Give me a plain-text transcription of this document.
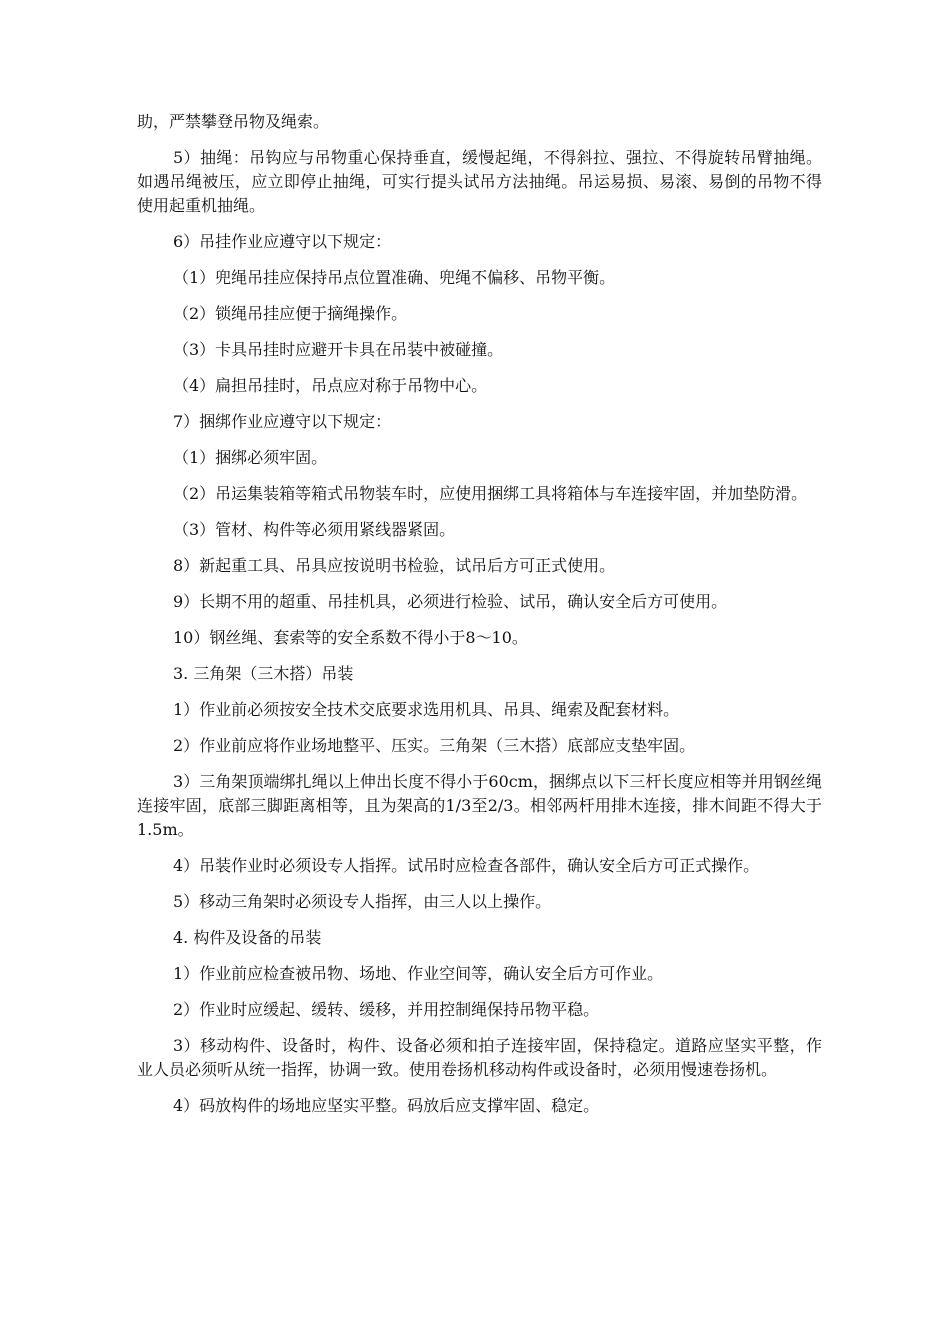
助，严禁攀登吊物及绳索。

5）抽绳：吊钩应与吊物重心保持垂直，缓慢起绳，不得斜拉、强拉、不得旋转吊臂抽绳。如遇吊绳被压，应立即停止抽绳，可实行提头试吊方法抽绳。吊运易损、易滚、易倒的吊物不得使用起重机抽绳。

6）吊挂作业应遵守以下规定：

（1）兜绳吊挂应保持吊点位置准确、兜绳不偏移、吊物平衡。

（2）锁绳吊挂应便于摘绳操作。

（3）卡具吊挂时应避开卡具在吊装中被碰撞。

（4）扁担吊挂时，吊点应对称于吊物中心。

7）捆绑作业应遵守以下规定：

（1）捆绑必须牢固。

（2）吊运集装箱等箱式吊物装车时，应使用捆绑工具将箱体与车连接牢固，并加垫防滑。

（3）管材、构件等必须用紧线器紧固。

8）新起重工具、吊具应按说明书检验，试吊后方可正式使用。

9）长期不用的超重、吊挂机具，必须进行检验、试吊，确认安全后方可使用。

10）钢丝绳、套索等的安全系数不得小于8〜10。

3. 三角架（三木搭）吊装

1）作业前必须按安全技术交底要求选用机具、吊具、绳索及配套材料。

2）作业前应将作业场地整平、压实。三角架（三木搭）底部应支垫牢固。

3）三角架顶端绑扎绳以上伸出长度不得小于60cm，捆绑点以下三杆长度应相等并用钢丝绳连接牢固，底部三脚距离相等，且为架高的1/3至2/3。相邻两杆用排木连接，排木间距不得大于1.5m。

4）吊装作业时必须设专人指挥。试吊时应检查各部件，确认安全后方可正式操作。

5）移动三角架时必须设专人指挥，由三人以上操作。

4. 构件及设备的吊装

1）作业前应检查被吊物、场地、作业空间等，确认安全后方可作业。

2）作业时应缓起、缓转、缓移，并用控制绳保持吊物平稳。

3）移动构件、设备时，构件、设备必须和拍子连接牢固，保持稳定。道路应坚实平整，作业人员必须听从统一指挥，协调一致。使用卷扬机移动构件或设备时，必须用慢速卷扬机。

4）码放构件的场地应坚实平整。码放后应支撑牢固、稳定。
